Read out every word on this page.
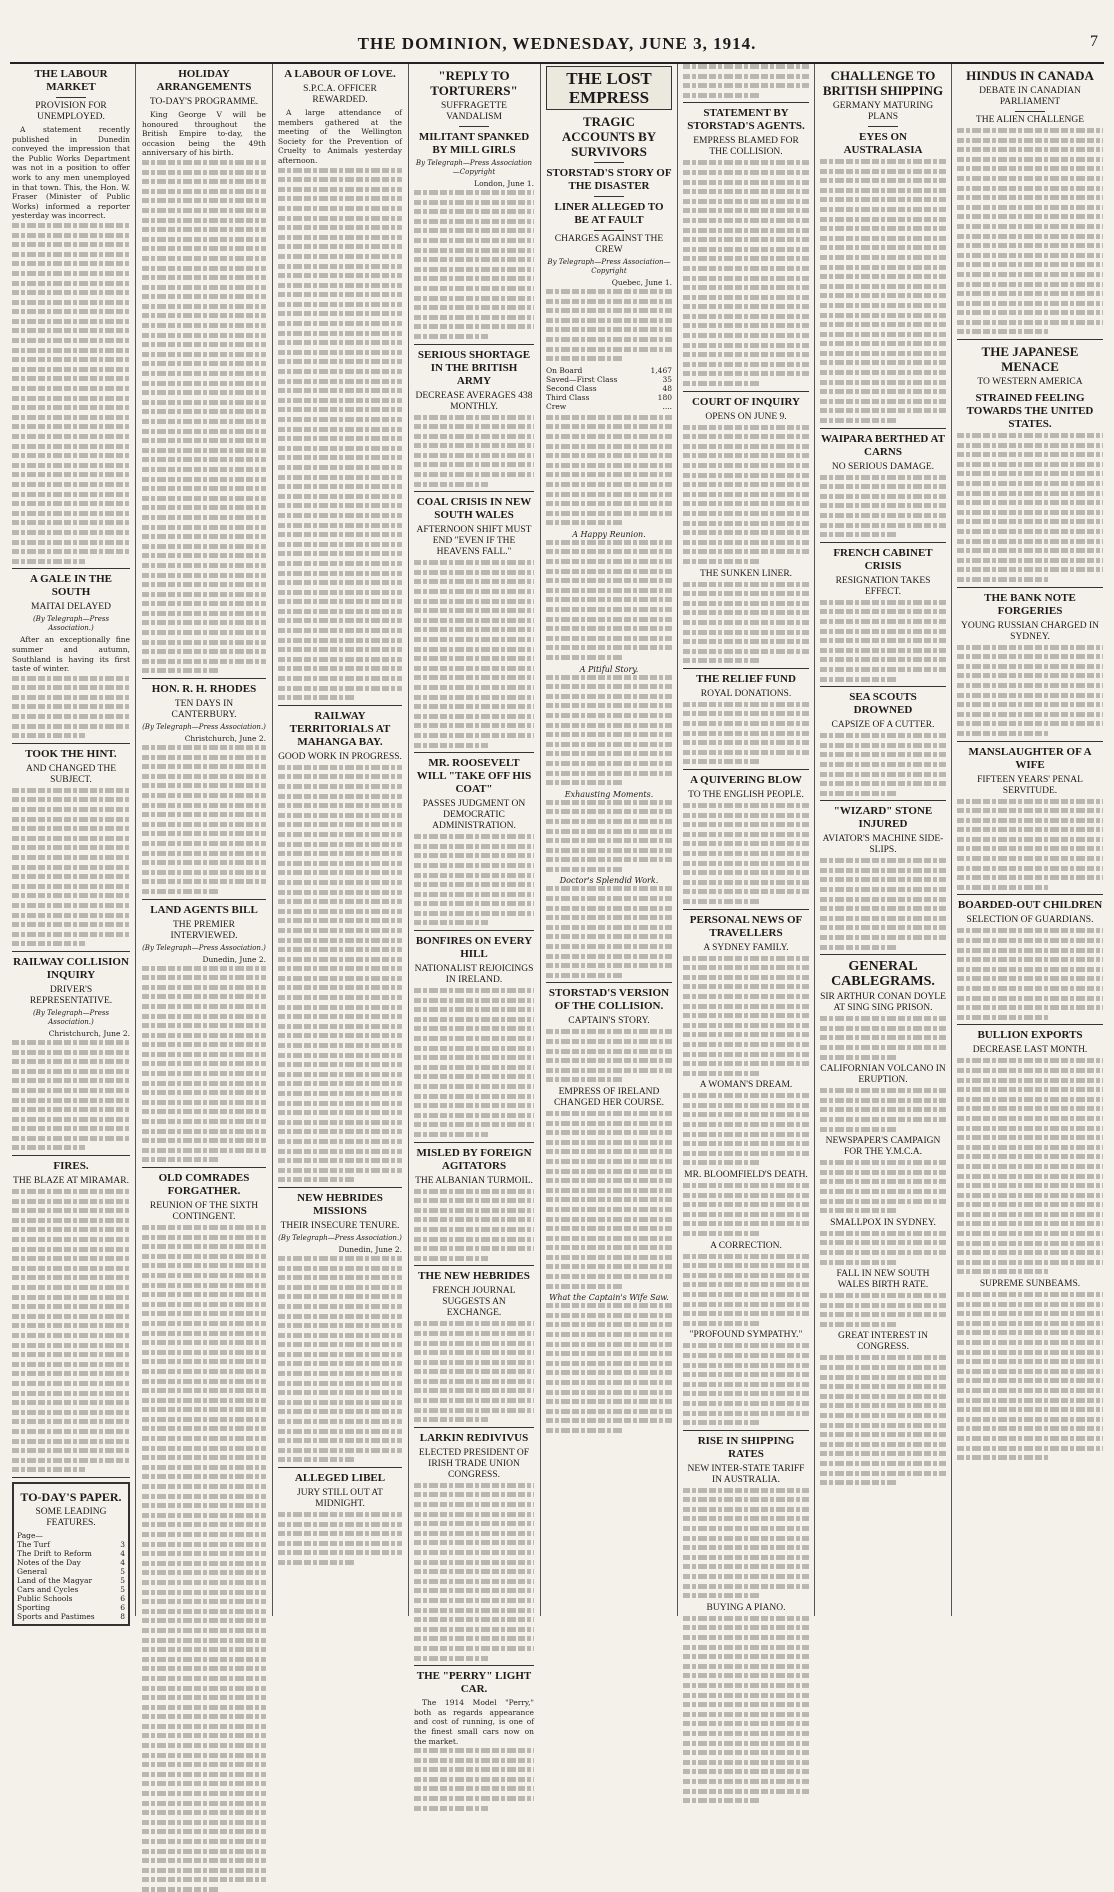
THE DOMINION, WEDNESDAY, JUNE 3, 1914.	7
THE LABOUR MARKET
PROVISION FOR UNEMPLOYED.

A statement recently published in Dunedin conveyed the impression that the Public Works Department was not in a position to offer work to any men unemployed in that town. This, the Hon. W. Fraser (Minister of Public Works) informed a reporter yesterday was incorrect.

A GALE IN THE SOUTH
MAITAI DELAYED
(By Telegraph—Press Association.)

After an exceptionally fine summer and autumn, Southland is having its first taste of winter.

TOOK THE HINT.
AND CHANGED THE SUBJECT.
RAILWAY COLLISION INQUIRY
DRIVER'S REPRESENTATIVE.
(By Telegraph—Press Association.)
Christchurch, June 2.
FIRES.
THE BLAZE AT MIRAMAR.
TO-DAY'S PAPER.
SOME LEADING FEATURES.
Page—	
The Turf	3
The Drift to Reform	4
Notes of the Day	4
General	5
Land of the Magyar	5
Cars and Cycles	5
Public Schools	6
Sporting	6
Sports and Pastimes	8
HOLIDAY ARRANGEMENTS
TO-DAY'S PROGRAMME.

King George V will be honoured throughout the British Empire to-day, the occasion being the 49th anniversary of his birth.

HON. R. H. RHODES
TEN DAYS IN CANTERBURY.
(By Telegraph—Press Association.)
Christchurch, June 2.
LAND AGENTS BILL
THE PREMIER INTERVIEWED.
(By Telegraph—Press Association.)
Dunedin, June 2.
OLD COMRADES FORGATHER.
REUNION OF THE SIXTH CONTINGENT.
A LABOUR OF LOVE.
S.P.C.A. OFFICER REWARDED.

A large attendance of members gathered at the meeting of the Wellington Society for the Prevention of Cruelty to Animals yesterday afternoon.

RAILWAY TERRITORIALS AT MAHANGA BAY.
GOOD WORK IN PROGRESS.
NEW HEBRIDES MISSIONS
THEIR INSECURE TENURE.
(By Telegraph—Press Association.)
Dunedin, June 2.
ALLEGED LIBEL
JURY STILL OUT AT MIDNIGHT.
"REPLY TO TORTURERS"
SUFFRAGETTE VANDALISM
MILITANT SPANKED BY MILL GIRLS
By Telegraph—Press Association—Copyright
London, June 1.
SERIOUS SHORTAGE IN THE BRITISH ARMY
DECREASE AVERAGES 438 MONTHLY.
COAL CRISIS IN NEW SOUTH WALES
AFTERNOON SHIFT MUST END "EVEN IF THE HEAVENS FALL."
MR. ROOSEVELT WILL "TAKE OFF HIS COAT"
PASSES JUDGMENT ON DEMOCRATIC ADMINISTRATION.
BONFIRES ON EVERY HILL
NATIONALIST REJOICINGS IN IRELAND.
MISLED BY FOREIGN AGITATORS
THE ALBANIAN TURMOIL.
THE NEW HEBRIDES
FRENCH JOURNAL SUGGESTS AN EXCHANGE.
LARKIN REDIVIVUS
ELECTED PRESIDENT OF IRISH TRADE UNION CONGRESS.
THE "PERRY" LIGHT CAR.

The 1914 Model "Perry," both as regards appearance and cost of running, is one of the finest small cars now on the market.

THE LOST EMPRESS
TRAGIC ACCOUNTS BY SURVIVORS
STORSTAD'S STORY OF THE DISASTER
LINER ALLEGED TO BE AT FAULT
CHARGES AGAINST THE CREW
By Telegraph—Press Association—Copyright
Quebec, June 1.
On Board	1,467
Saved—First Class	35
Second Class	48
Third Class	180
Crew	....
A Happy Reunion.
A Pitiful Story.
Exhausting Moments.
Doctor's Splendid Work.
STORSTAD'S VERSION OF THE COLLISION.
CAPTAIN'S STORY.
EMPRESS OF IRELAND CHANGED HER COURSE.
What the Captain's Wife Saw.
STATEMENT BY STORSTAD'S AGENTS.
EMPRESS BLAMED FOR THE COLLISION.
COURT OF INQUIRY
OPENS ON JUNE 9.
THE SUNKEN LINER.
THE RELIEF FUND
ROYAL DONATIONS.
A QUIVERING BLOW
TO THE ENGLISH PEOPLE.
PERSONAL NEWS OF TRAVELLERS
A SYDNEY FAMILY.
A WOMAN'S DREAM.
MR. BLOOMFIELD'S DEATH.
A CORRECTION.
"PROFOUND SYMPATHY."
RISE IN SHIPPING RATES
NEW INTER-STATE TARIFF IN AUSTRALIA.
BUYING A PIANO.
CHALLENGE TO BRITISH SHIPPING
GERMANY MATURING PLANS
EYES ON AUSTRALASIA
WAIPARA BERTHED AT CARNS
NO SERIOUS DAMAGE.
FRENCH CABINET CRISIS
RESIGNATION TAKES EFFECT.
SEA SCOUTS DROWNED
CAPSIZE OF A CUTTER.
"WIZARD" STONE INJURED
AVIATOR'S MACHINE SIDE-SLIPS.
GENERAL CABLEGRAMS.
SIR ARTHUR CONAN DOYLE AT SING SING PRISON.
CALIFORNIAN VOLCANO IN ERUPTION.
NEWSPAPER'S CAMPAIGN FOR THE Y.M.C.A.
SMALLPOX IN SYDNEY.
FALL IN NEW SOUTH WALES BIRTH RATE.
GREAT INTEREST IN CONGRESS.
HINDUS IN CANADA
DEBATE IN CANADIAN PARLIAMENT
THE ALIEN CHALLENGE
THE JAPANESE MENACE
TO WESTERN AMERICA
STRAINED FEELING TOWARDS THE UNITED STATES.
THE BANK NOTE FORGERIES
YOUNG RUSSIAN CHARGED IN SYDNEY.
MANSLAUGHTER OF A WIFE
FIFTEEN YEARS' PENAL SERVITUDE.
BOARDED-OUT CHILDREN
SELECTION OF GUARDIANS.
BULLION EXPORTS
DECREASE LAST MONTH.
SUPREME SUNBEAMS.
